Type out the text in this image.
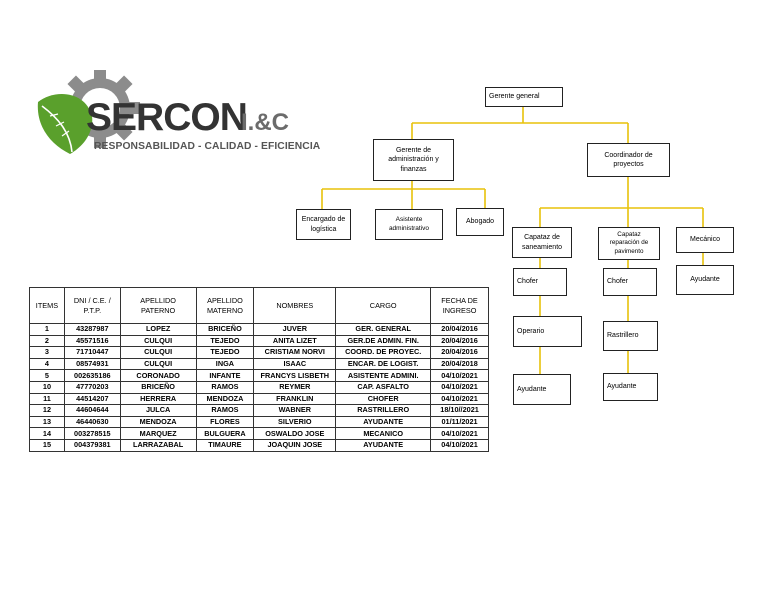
SERCON
I.&C
RESPONSABILIDAD - CALIDAD - EFICIENCIA
Gerente general
Gerente de administración y finanzas
Coordinador de proyectos
Encargado de logística
Asistente administrativo
Abogado
Capataz de saneamiento
Capataz reparación de pavimento
Mecánico
Chofer	Chofer	Ayudante
Operario
Rastrillero
Ayudante	Ayudante
ITEMS	DNI / C.E. / P.T.P.	APELLIDO PATERNO	APELLIDO MATERNO	NOMBRES	CARGO	FECHA DE INGRESO
1	43287987	LOPEZ	BRICEÑO	JUVER	GER. GENERAL	20/04/2016
2	45571516	CULQUI	TEJEDO	ANITA LIZET	GER.DE ADMIN. FIN.	20/04/2016
3	71710447	CULQUI	TEJEDO	CRISTIAM NORVI	COORD. DE PROYEC.	20/04/2016
4	08574931	CULQUI	INGA	ISAAC	ENCAR. DE LOGIST.	20/04/2018
5	002635186	CORONADO	INFANTE	FRANCYS LISBETH	ASISTENTE ADMINI.	04/10/2021
10	47770203	BRICEÑO	RAMOS	REYMER	CAP. ASFALTO	04/10/2021
11	44514207	HERRERA	MENDOZA	FRANKLIN	CHOFER	04/10/2021
12	44604644	JULCA	RAMOS	WABNER	RASTRILLERO	18/10//2021
13	46440630	MENDOZA	FLORES	SILVERIO	AYUDANTE	01/11/2021
14	003278515	MARQUEZ	BULGUERA	OSWALDO JOSE	MECANICO	04/10/2021
15	004379381	LARRAZABAL	TIMAURE	JOAQUIN JOSE	AYUDANTE	04/10/2021
